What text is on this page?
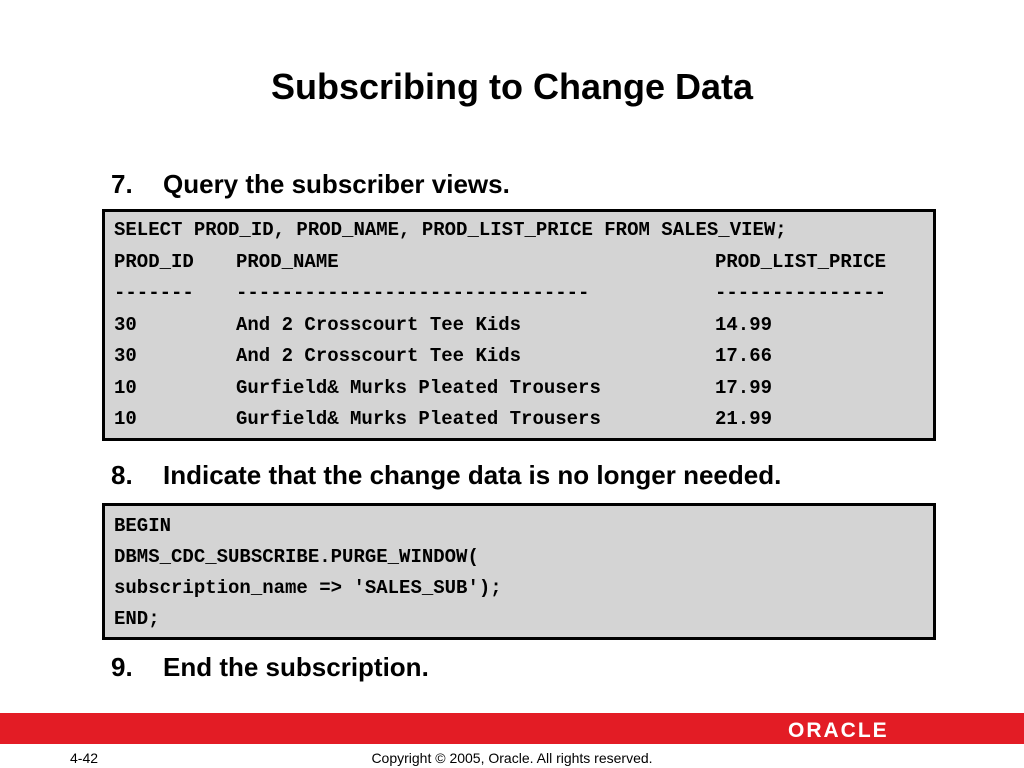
Subscribing to Change Data
7. Query the subscriber views.
SELECT PROD_ID, PROD_NAME, PROD_LIST_PRICE FROM SALES_VIEW;
PROD_ID PROD_NAME	PROD_LIST_PRICE
------- -------------------------------	---------------
30	And 2 Crosscourt Tee Kids	14.99
30	And 2 Crosscourt Tee Kids	17.66
10	Gurfield& Murks Pleated Trousers	17.99
10	Gurfield& Murks Pleated Trousers	21.99
8. Indicate that the change data is no longer needed.
BEGIN
DBMS_CDC_SUBSCRIBE.PURGE_WINDOW(
subscription_name => 'SALES_SUB');
END;
9. End the subscription.
ORACLE
4-42	Copyright © 2005, Oracle. All rights reserved.
